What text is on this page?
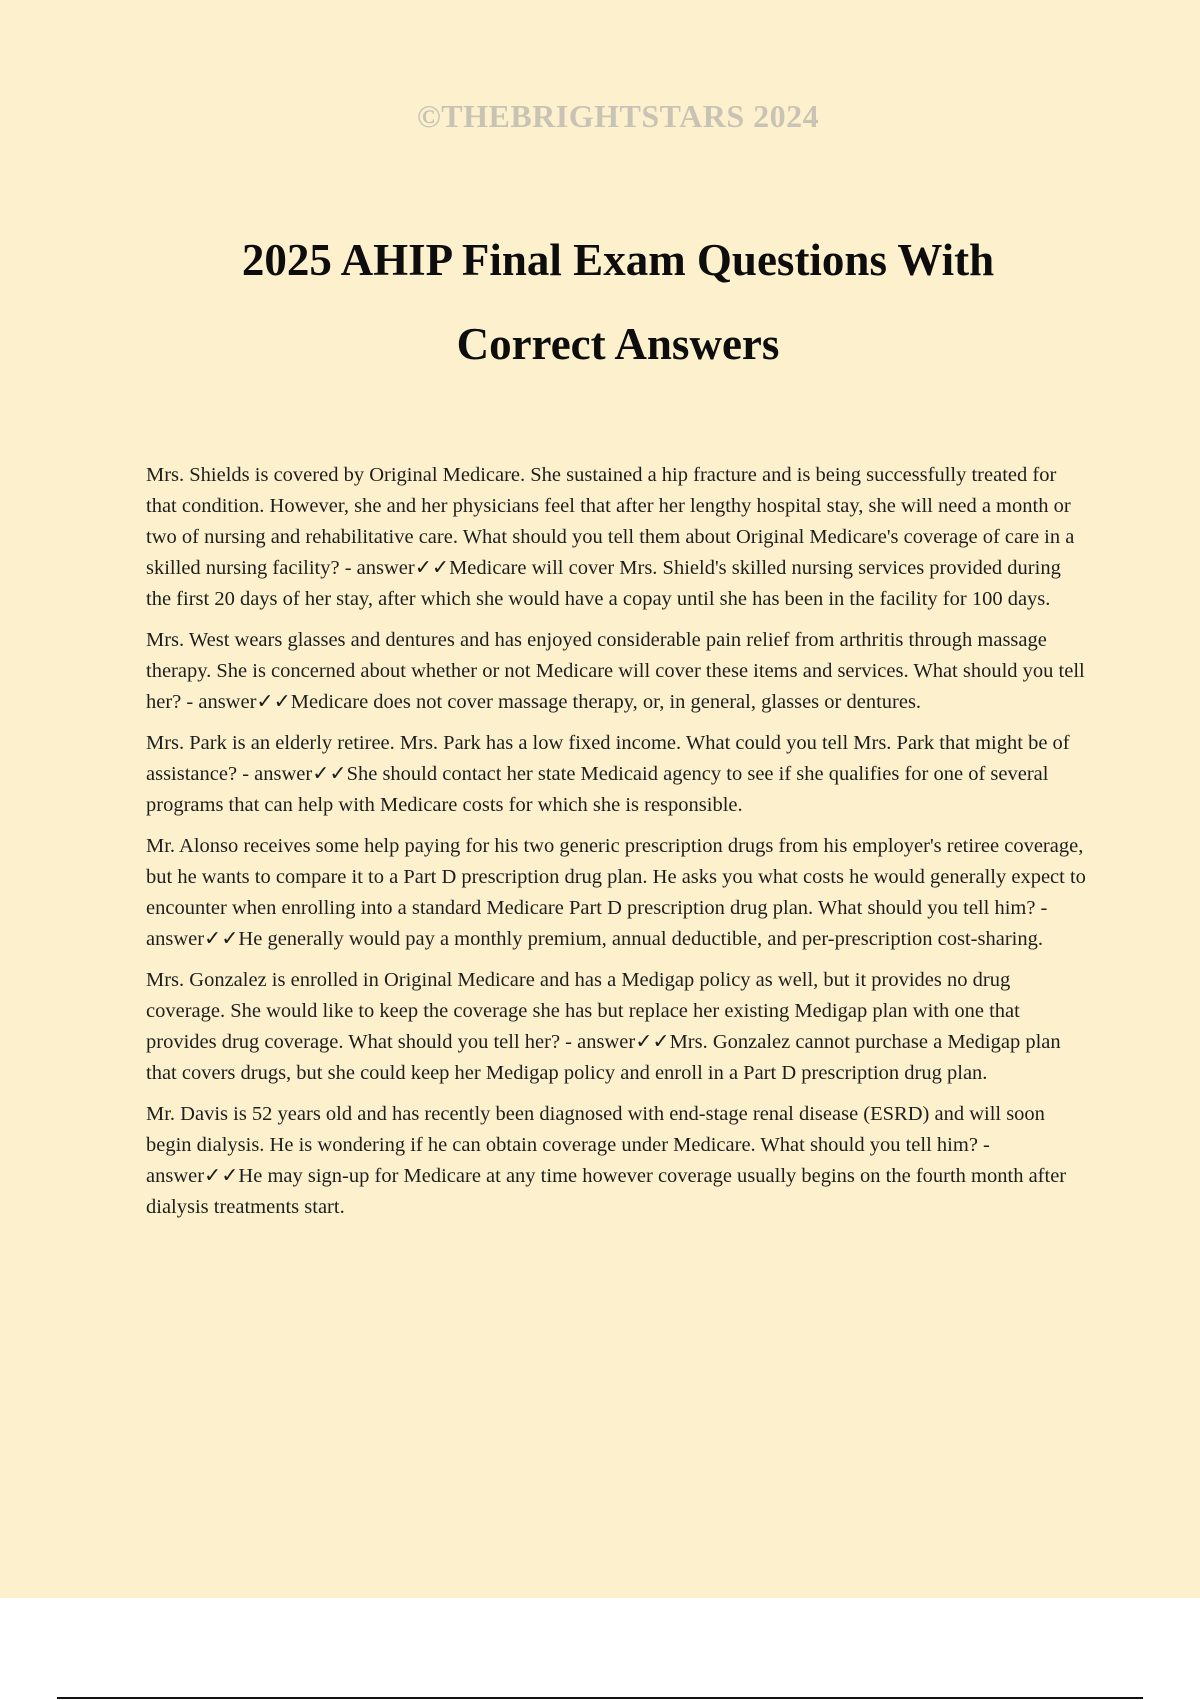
©THEBRIGHTSTARS 2024
2025 AHIP Final Exam Questions With
Correct Answers

Mrs. Shields is covered by Original Medicare. She sustained a hip fracture and is being successfully treated for that condition. However, she and her physicians feel that after her lengthy hospital stay, she will need a month or two of nursing and rehabilitative care. What should you tell them about Original Medicare's coverage of care in a skilled nursing facility? - answer✓✓Medicare will cover Mrs. Shield's skilled nursing services provided during the first 20 days of her stay, after which she would have a copay until she has been in the facility for 100 days.

Mrs. West wears glasses and dentures and has enjoyed considerable pain relief from arthritis through massage therapy. She is concerned about whether or not Medicare will cover these items and services. What should you tell her? - answer✓✓Medicare does not cover massage therapy, or, in general, glasses or dentures.

Mrs. Park is an elderly retiree. Mrs. Park has a low fixed income. What could you tell Mrs. Park that might be of assistance? - answer✓✓She should contact her state Medicaid agency to see if she qualifies for one of several programs that can help with Medicare costs for which she is responsible.

Mr. Alonso receives some help paying for his two generic prescription drugs from his employer's retiree coverage, but he wants to compare it to a Part D prescription drug plan. He asks you what costs he would generally expect to encounter when enrolling into a standard Medicare Part D prescription drug plan. What should you tell him? - answer✓✓He generally would pay a monthly premium, annual deductible, and per-prescription cost-sharing.

Mrs. Gonzalez is enrolled in Original Medicare and has a Medigap policy as well, but it provides no drug coverage. She would like to keep the coverage she has but replace her existing Medigap plan with one that provides drug coverage. What should you tell her? - answer✓✓Mrs. Gonzalez cannot purchase a Medigap plan that covers drugs, but she could keep her Medigap policy and enroll in a Part D prescription drug plan.

Mr. Davis is 52 years old and has recently been diagnosed with end-stage renal disease (ESRD) and will soon begin dialysis. He is wondering if he can obtain coverage under Medicare. What should you tell him? - answer✓✓He may sign-up for Medicare at any time however coverage usually begins on the fourth month after dialysis treatments start.
